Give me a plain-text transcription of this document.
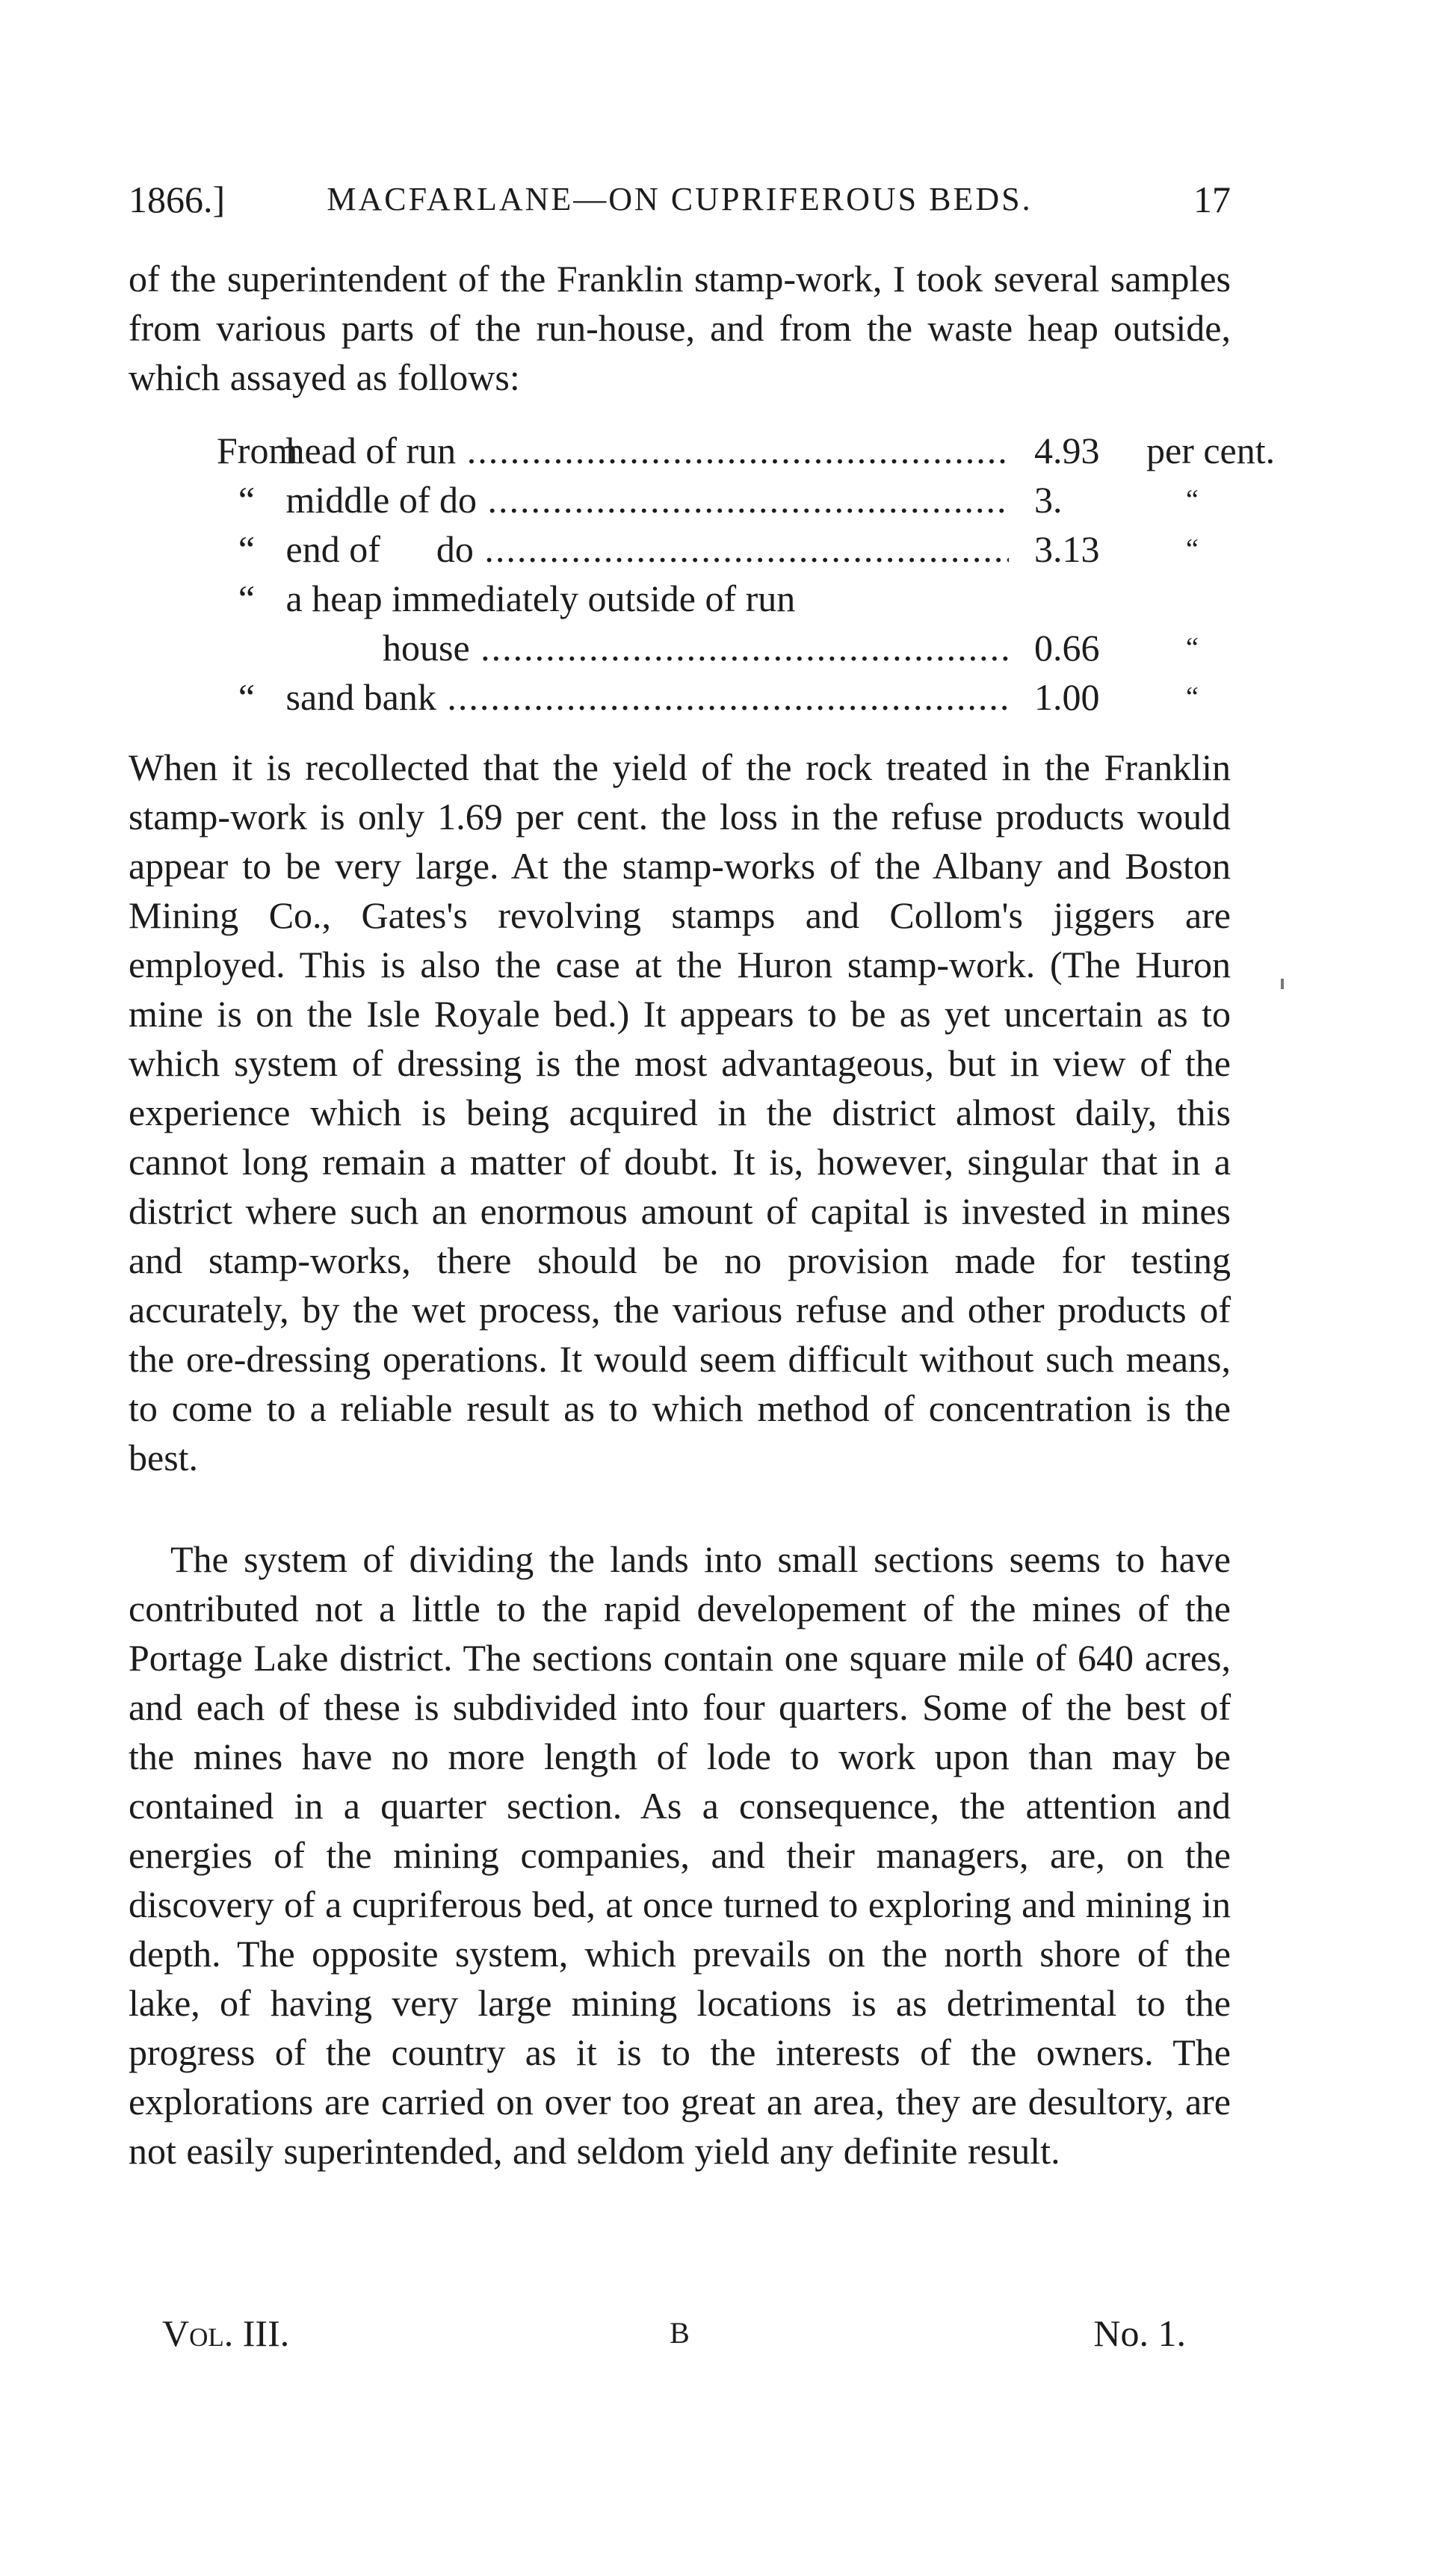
1866.]	MACFARLANE—ON CUPRIFEROUS BEDS.	17

of the superintendent of the Franklin stamp-work, I took several samples from various parts of the run-house, and from the waste heap outside, which assayed as follows:

From head of run .....	4.93 per cent.
“ middle of do .....	3.	“
“ end of      do .....	3.13	“
“ a heap immediately outside of run
house .....	0.66	“
“ sand bank .....	1.00	“

When it is recollected that the yield of the rock treated in the Franklin stamp-work is only 1.69 per cent. the loss in the refuse products would appear to be very large. At the stamp-works of the Albany and Boston Mining Co., Gates's revolving stamps and Collom's jiggers are employed. This is also the case at the Huron stamp-work. (The Huron mine is on the Isle Royale bed.) It appears to be as yet uncertain as to which system of dressing is the most advantageous, but in view of the experience which is being acquired in the district almost daily, this cannot long remain a matter of doubt. It is, however, singular that in a district where such an enormous amount of capital is invested in mines and stamp-works, there should be no provision made for testing accurately, by the wet process, the various refuse and other products of the ore-dressing operations. It would seem difficult without such means, to come to a reliable result as to which method of concentration is the best.

The system of dividing the lands into small sections seems to have contributed not a little to the rapid developement of the mines of the Portage Lake district. The sections contain one square mile of 640 acres, and each of these is subdivided into four quarters. Some of the best of the mines have no more length of lode to work upon than may be contained in a quarter section. As a consequence, the attention and energies of the mining companies, and their managers, are, on the discovery of a cupriferous bed, at once turned to exploring and mining in depth. The opposite system, which prevails on the north shore of the lake, of having very large mining locations is as detrimental to the progress of the country as it is to the interests of the owners. The explorations are carried on over too great an area, they are desultory, are not easily superintended, and seldom yield any definite result.

Vol. III.	B	No. 1.
